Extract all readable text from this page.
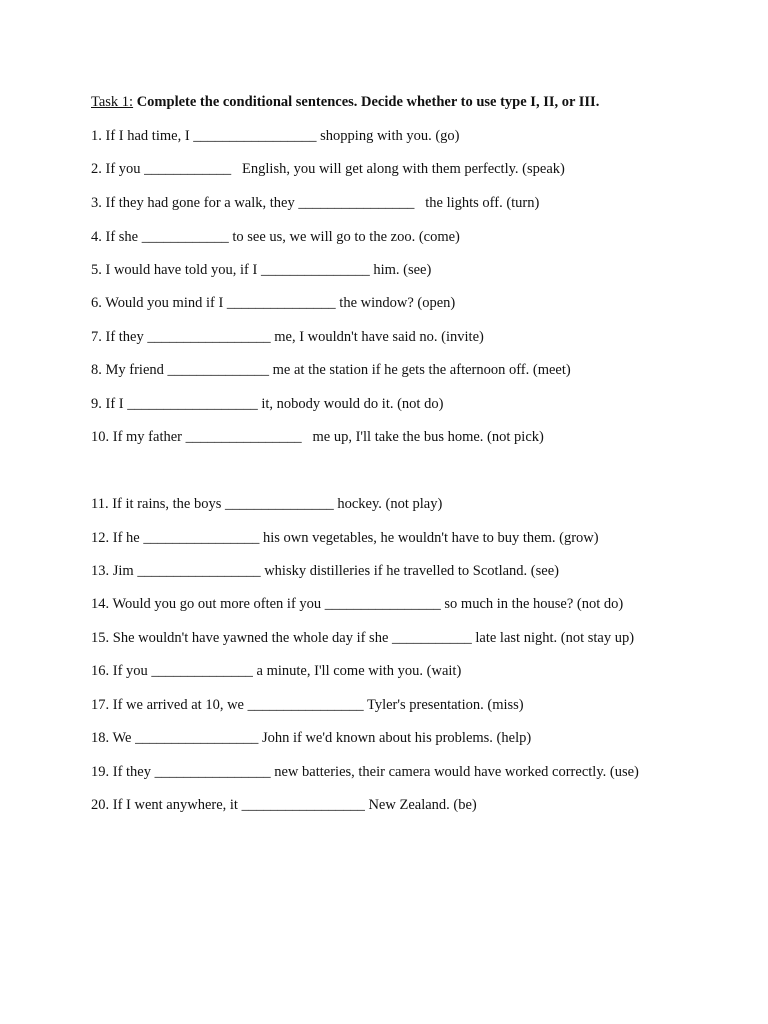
Task 1: Complete the conditional sentences. Decide whether to use type I, II, or III.
1. If I had time, I _________________ shopping with you. (go)
2. If you ____________   English, you will get along with them perfectly. (speak)
3. If they had gone for a walk, they ________________   the lights off. (turn)
4. If she ____________ to see us, we will go to the zoo. (come)
5. I would have told you, if I _______________ him. (see)
6. Would you mind if I _______________ the window? (open)
7. If they _________________ me, I wouldn't have said no. (invite)
8. My friend ______________ me at the station if he gets the afternoon off. (meet)
9. If I __________________ it, nobody would do it. (not do)
10. If my father ________________   me up, I'll take the bus home. (not pick)
11. If it rains, the boys _______________ hockey. (not play)
12. If he ________________ his own vegetables, he wouldn't have to buy them. (grow)
13. Jim _________________ whisky distilleries if he travelled to Scotland. (see)
14. Would you go out more often if you ________________ so much in the house? (not do)
15. She wouldn't have yawned the whole day if she ___________ late last night. (not stay up)
16. If you ______________ a minute, I'll come with you. (wait)
17. If we arrived at 10, we ________________ Tyler's presentation. (miss)
18. We _________________ John if we'd known about his problems. (help)
19. If they ________________ new batteries, their camera would have worked correctly. (use)
20. If I went anywhere, it _________________ New Zealand. (be)
